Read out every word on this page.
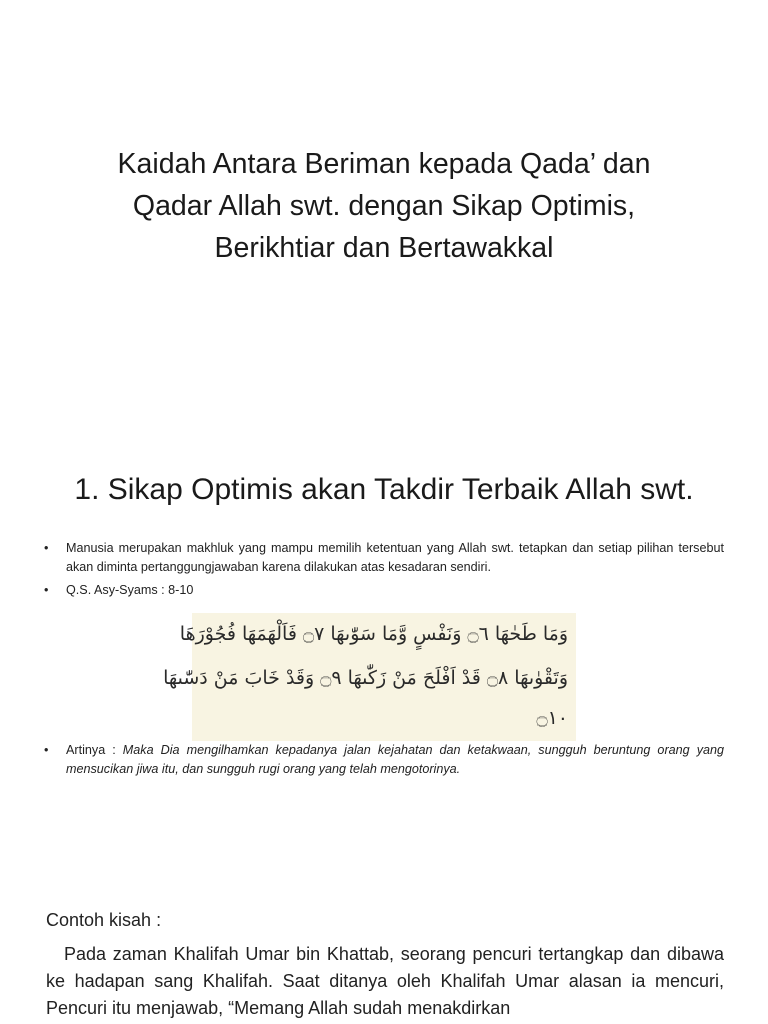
Kaidah Antara Beriman kepada Qada’ dan
Qadar Allah swt. dengan Sikap Optimis,
Berikhtiar dan Bertawakkal
1. Sikap Optimis akan Takdir Terbaik Allah swt.
• Manusia merupakan makhluk yang mampu memilih ketentuan yang Allah swt. tetapkan dan setiap pilihan tersebut akan diminta pertanggungjawaban karena dilakukan atas kesadaran sendiri.
• Q.S. Asy-Syams : 8-10
وَمَا طَحٰهَا ۝٦ وَنَفْسٍ وَّمَا سَوّٰىهَا ۝٧ فَاَلْهَمَهَا فُجُوْرَهَا
وَتَقْوٰىهَا ۝٨ قَدْ اَفْلَحَ مَنْ زَكّٰىهَا ۝٩ وَقَدْ خَابَ مَنْ دَسّٰىهَا
۝١٠
• Artinya : Maka Dia mengilhamkan kepadanya jalan kejahatan dan ketakwaan, sungguh beruntung orang yang mensucikan jiwa itu, dan sungguh rugi orang yang telah mengotorinya.
Contoh kisah :
Pada zaman Khalifah Umar bin Khattab, seorang pencuri tertangkap dan dibawa ke hadapan sang Khalifah. Saat ditanya oleh Khalifah Umar alasan ia mencuri, Pencuri itu menjawab, “Memang Allah sudah menakdirkan
